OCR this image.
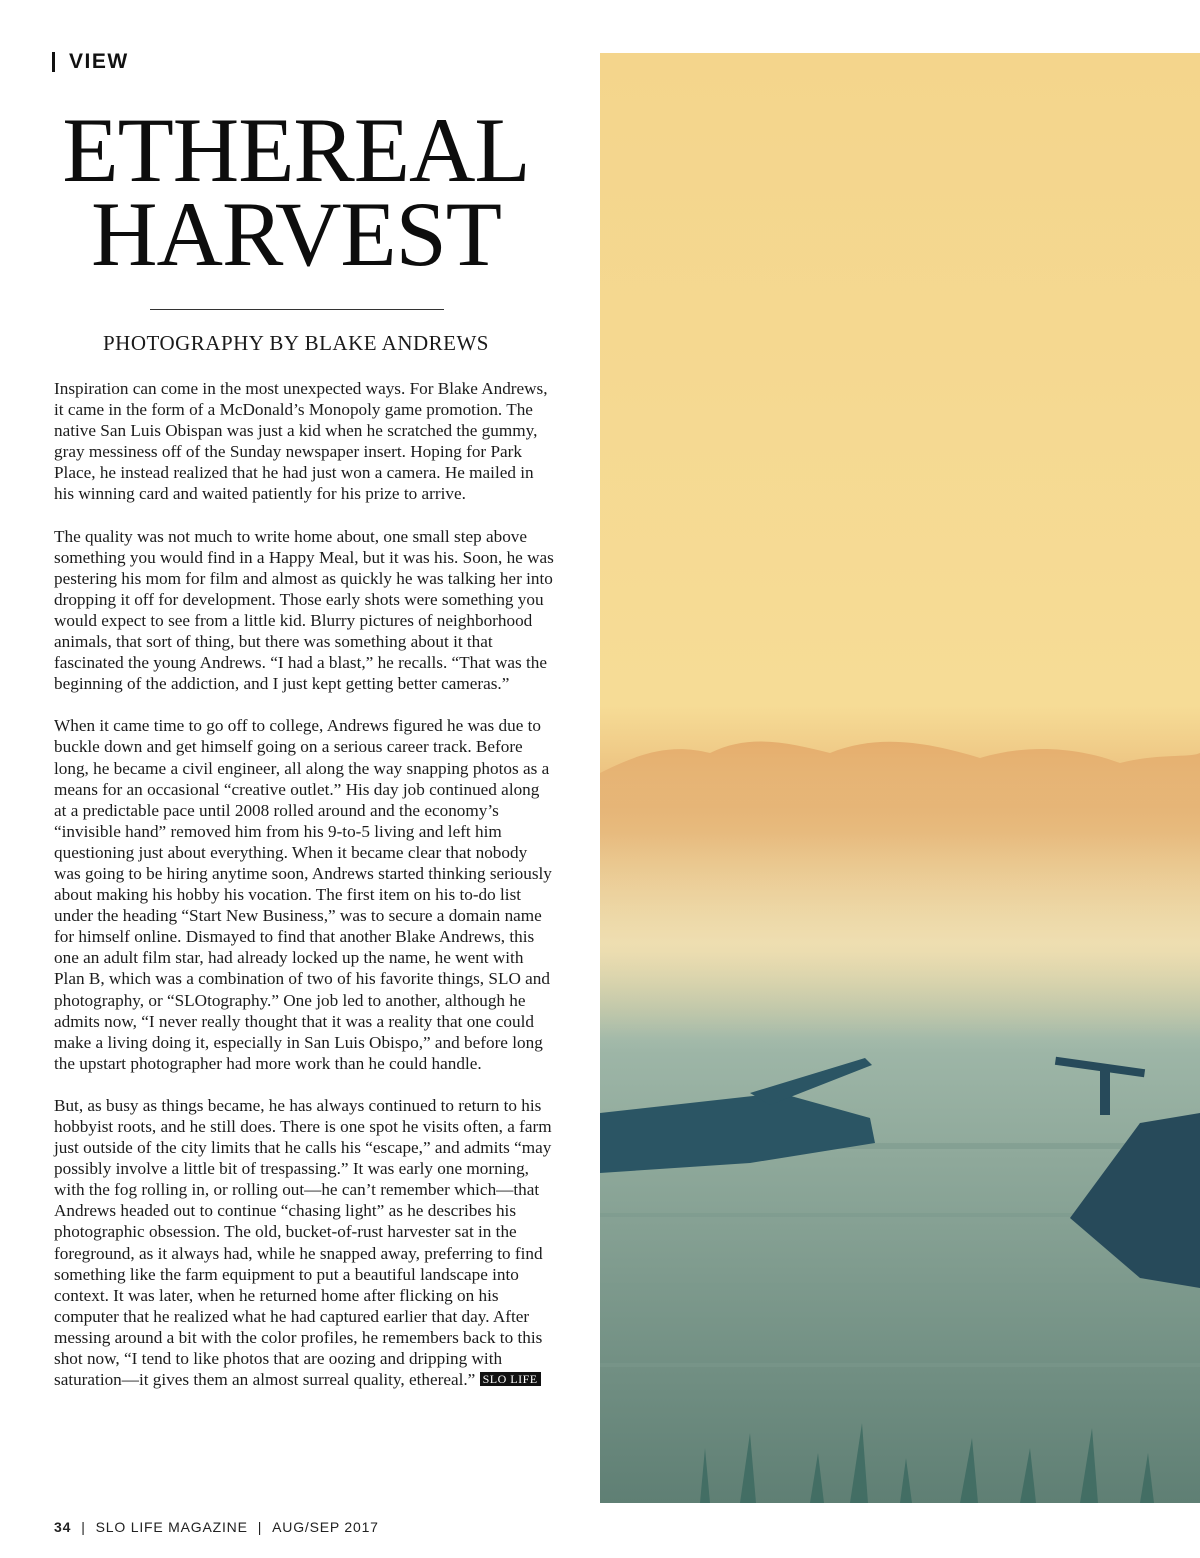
VIEW
ETHEREAL
HARVEST
PHOTOGRAPHY BY BLAKE ANDREWS

Inspiration can come in the most unexpected ways. For Blake Andrews, it came in the form of a McDonald’s Monopoly game promotion. The native San Luis Obispan was just a kid when he scratched the gummy, gray messiness off of the Sunday newspaper insert. Hoping for Park Place, he instead realized that he had just won a camera. He mailed in his winning card and waited patiently for his prize to arrive.

The quality was not much to write home about, one small step above something you would find in a Happy Meal, but it was his. Soon, he was pestering his mom for film and almost as quickly he was talking her into dropping it off for development. Those early shots were something you would expect to see from a little kid. Blurry pictures of neighborhood animals, that sort of thing, but there was something about it that fascinated the young Andrews. “I had a blast,” he recalls. “That was the beginning of the addiction, and I just kept getting better cameras.”

When it came time to go off to college, Andrews figured he was due to buckle down and get himself going on a serious career track. Before long, he became a civil engineer, all along the way snapping photos as a means for an occasional “creative outlet.” His day job continued along at a predictable pace until 2008 rolled around and the economy’s “invisible hand” removed him from his 9-to-5 living and left him questioning just about everything. When it became clear that nobody was going to be hiring anytime soon, Andrews started thinking seriously about making his hobby his vocation. The first item on his to-do list under the heading “Start New Business,” was to secure a domain name for himself online. Dismayed to find that another Blake Andrews, this one an adult film star, had already locked up the name, he went with Plan B, which was a combination of two of his favorite things, SLO and photography, or “SLOtography.” One job led to another, although he admits now, “I never really thought that it was a reality that one could make a living doing it, especially in San Luis Obispo,” and before long the upstart photographer had more work than he could handle.

But, as busy as things became, he has always continued to return to his hobbyist roots, and he still does. There is one spot he visits often, a farm just outside of the city limits that he calls his “escape,” and admits “may possibly involve a little bit of trespassing.” It was early one morning, with the fog rolling in, or rolling out—he can’t remember which—that Andrews headed out to continue “chasing light” as he describes his photographic obsession. The old, bucket-of-rust harvester sat in the foreground, as it always had, while he snapped away, preferring to find something like the farm equipment to put a beautiful landscape into context. It was later, when he returned home after flicking on his computer that he realized what he had captured earlier that day. After messing around a bit with the color profiles, he remembers back to this shot now, “I tend to like photos that are oozing and dripping with saturation—it gives them an almost surreal quality, ethereal.” SLO LIFE

34 | SLO LIFE MAGAZINE | AUG/SEP 2017
